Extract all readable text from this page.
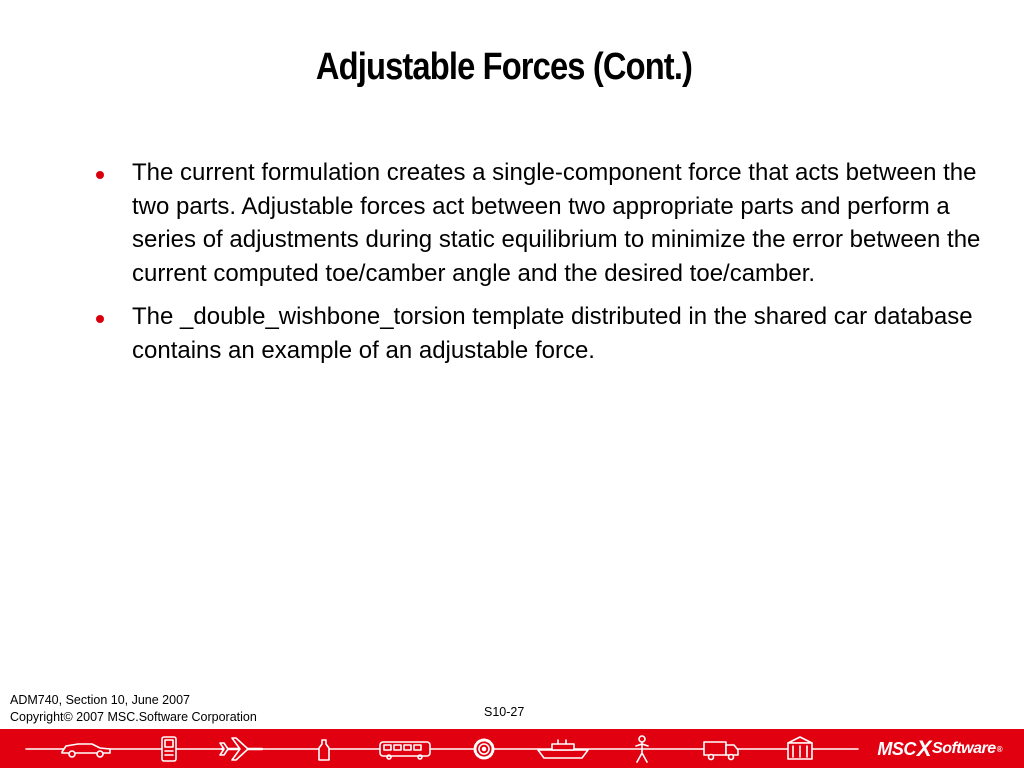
Adjustable Forces (Cont.)
The current formulation creates a single-component force that acts between the two parts. Adjustable forces act between two appropriate parts and perform a series of adjustments during static equilibrium to minimize the error between the current computed toe/camber angle and the desired toe/camber.
The _double_wishbone_torsion template distributed in the shared car database contains an example of an adjustable force.
ADM740, Section 10, June 2007
Copyright© 2007 MSC.Software Corporation	S10-27
MSC X Software ®
